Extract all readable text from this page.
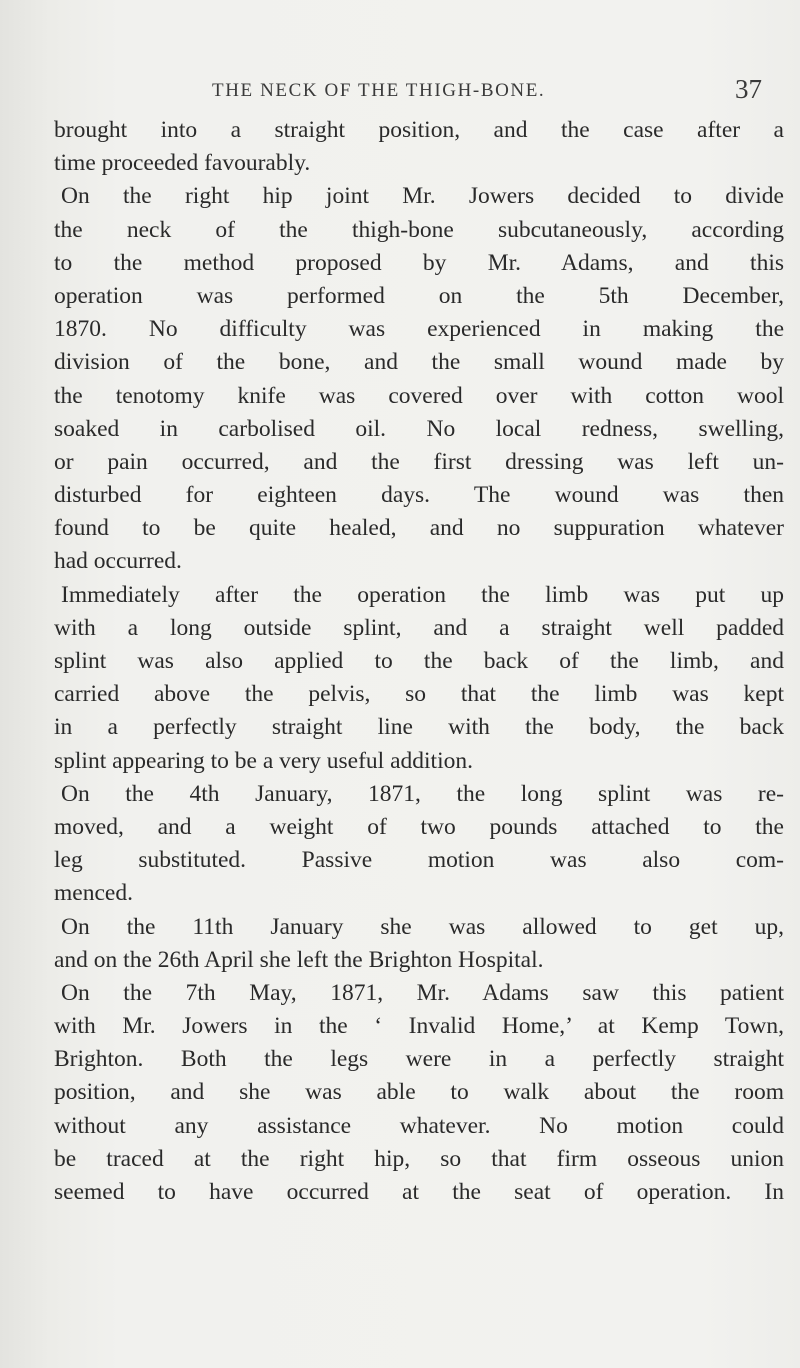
THE NECK OF THE THIGH-BONE.	37
brought into a straight position, and the case after a
time proceeded favourably.
On the right hip joint Mr. Jowers decided to divide
the neck of the thigh-bone subcutaneously, according
to the method proposed by Mr. Adams, and this
operation was performed on the 5th December,
1870. No difficulty was experienced in making the
division of the bone, and the small wound made by
the tenotomy knife was covered over with cotton wool
soaked in carbolised oil. No local redness, swelling,
or pain occurred, and the first dressing was left un-
disturbed for eighteen days. The wound was then
found to be quite healed, and no suppuration whatever
had occurred.
Immediately after the operation the limb was put up
with a long outside splint, and a straight well padded
splint was also applied to the back of the limb, and
carried above the pelvis, so that the limb was kept
in a perfectly straight line with the body, the back
splint appearing to be a very useful addition.
On the 4th January, 1871, the long splint was re-
moved, and a weight of two pounds attached to the
leg substituted. Passive motion was also com-
menced.
On the 11th January she was allowed to get up,
and on the 26th April she left the Brighton Hospital.
On the 7th May, 1871, Mr. Adams saw this patient
with Mr. Jowers in the ‘ Invalid Home,’ at Kemp Town,
Brighton. Both the legs were in a perfectly straight
position, and she was able to walk about the room
without any assistance whatever. No motion could
be traced at the right hip, so that firm osseous union
seemed to have occurred at the seat of operation. In
